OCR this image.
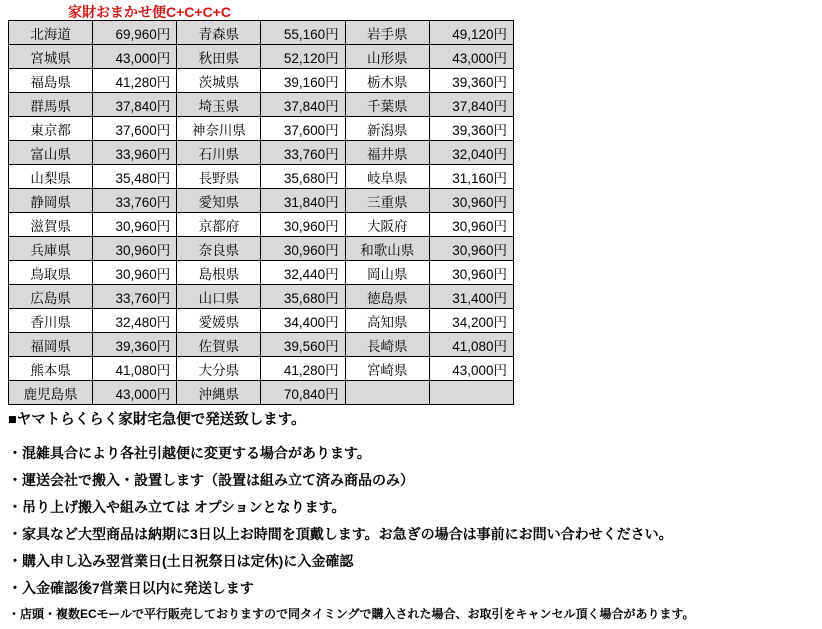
家財おまかせ便C+C+C+C
北海道	69,960円	青森県	55,160円	岩手県	49,120円
宮城県	43,000円	秋田県	52,120円	山形県	43,000円
福島県	41,280円	茨城県	39,160円	栃木県	39,360円
群馬県	37,840円	埼玉県	37,840円	千葉県	37,840円
東京都	37,600円	神奈川県	37,600円	新潟県	39,360円
富山県	33,960円	石川県	33,760円	福井県	32,040円
山梨県	35,480円	長野県	35,680円	岐阜県	31,160円
静岡県	33,760円	愛知県	31,840円	三重県	30,960円
滋賀県	30,960円	京都府	30,960円	大阪府	30,960円
兵庫県	30,960円	奈良県	30,960円	和歌山県	30,960円
鳥取県	30,960円	島根県	32,440円	岡山県	30,960円
広島県	33,760円	山口県	35,680円	徳島県	31,400円
香川県	32,480円	愛媛県	34,400円	高知県	34,200円
福岡県	39,360円	佐賀県	39,560円	長崎県	41,080円
熊本県	41,080円	大分県	41,280円	宮崎県	43,000円
鹿児島県	43,000円	沖縄県	70,840円		
■ヤマトらくらく家財宅急便で発送致します。
・混雑具合により各社引越便に変更する場合があります。
・運送会社で搬入・設置します（設置は組み立て済み商品のみ）
・吊り上げ搬入や組み立ては オプションとなります。
・家具など大型商品は納期に3日以上お時間を頂戴します。お急ぎの場合は事前にお問い合わせください。
・購入申し込み翌営業日(土日祝祭日は定休)に入金確認
・入金確認後7営業日以内に発送します
・店頭・複数ECモールで平行販売しておりますので同タイミングで購入された場合、お取引をキャンセル頂く場合があります。
